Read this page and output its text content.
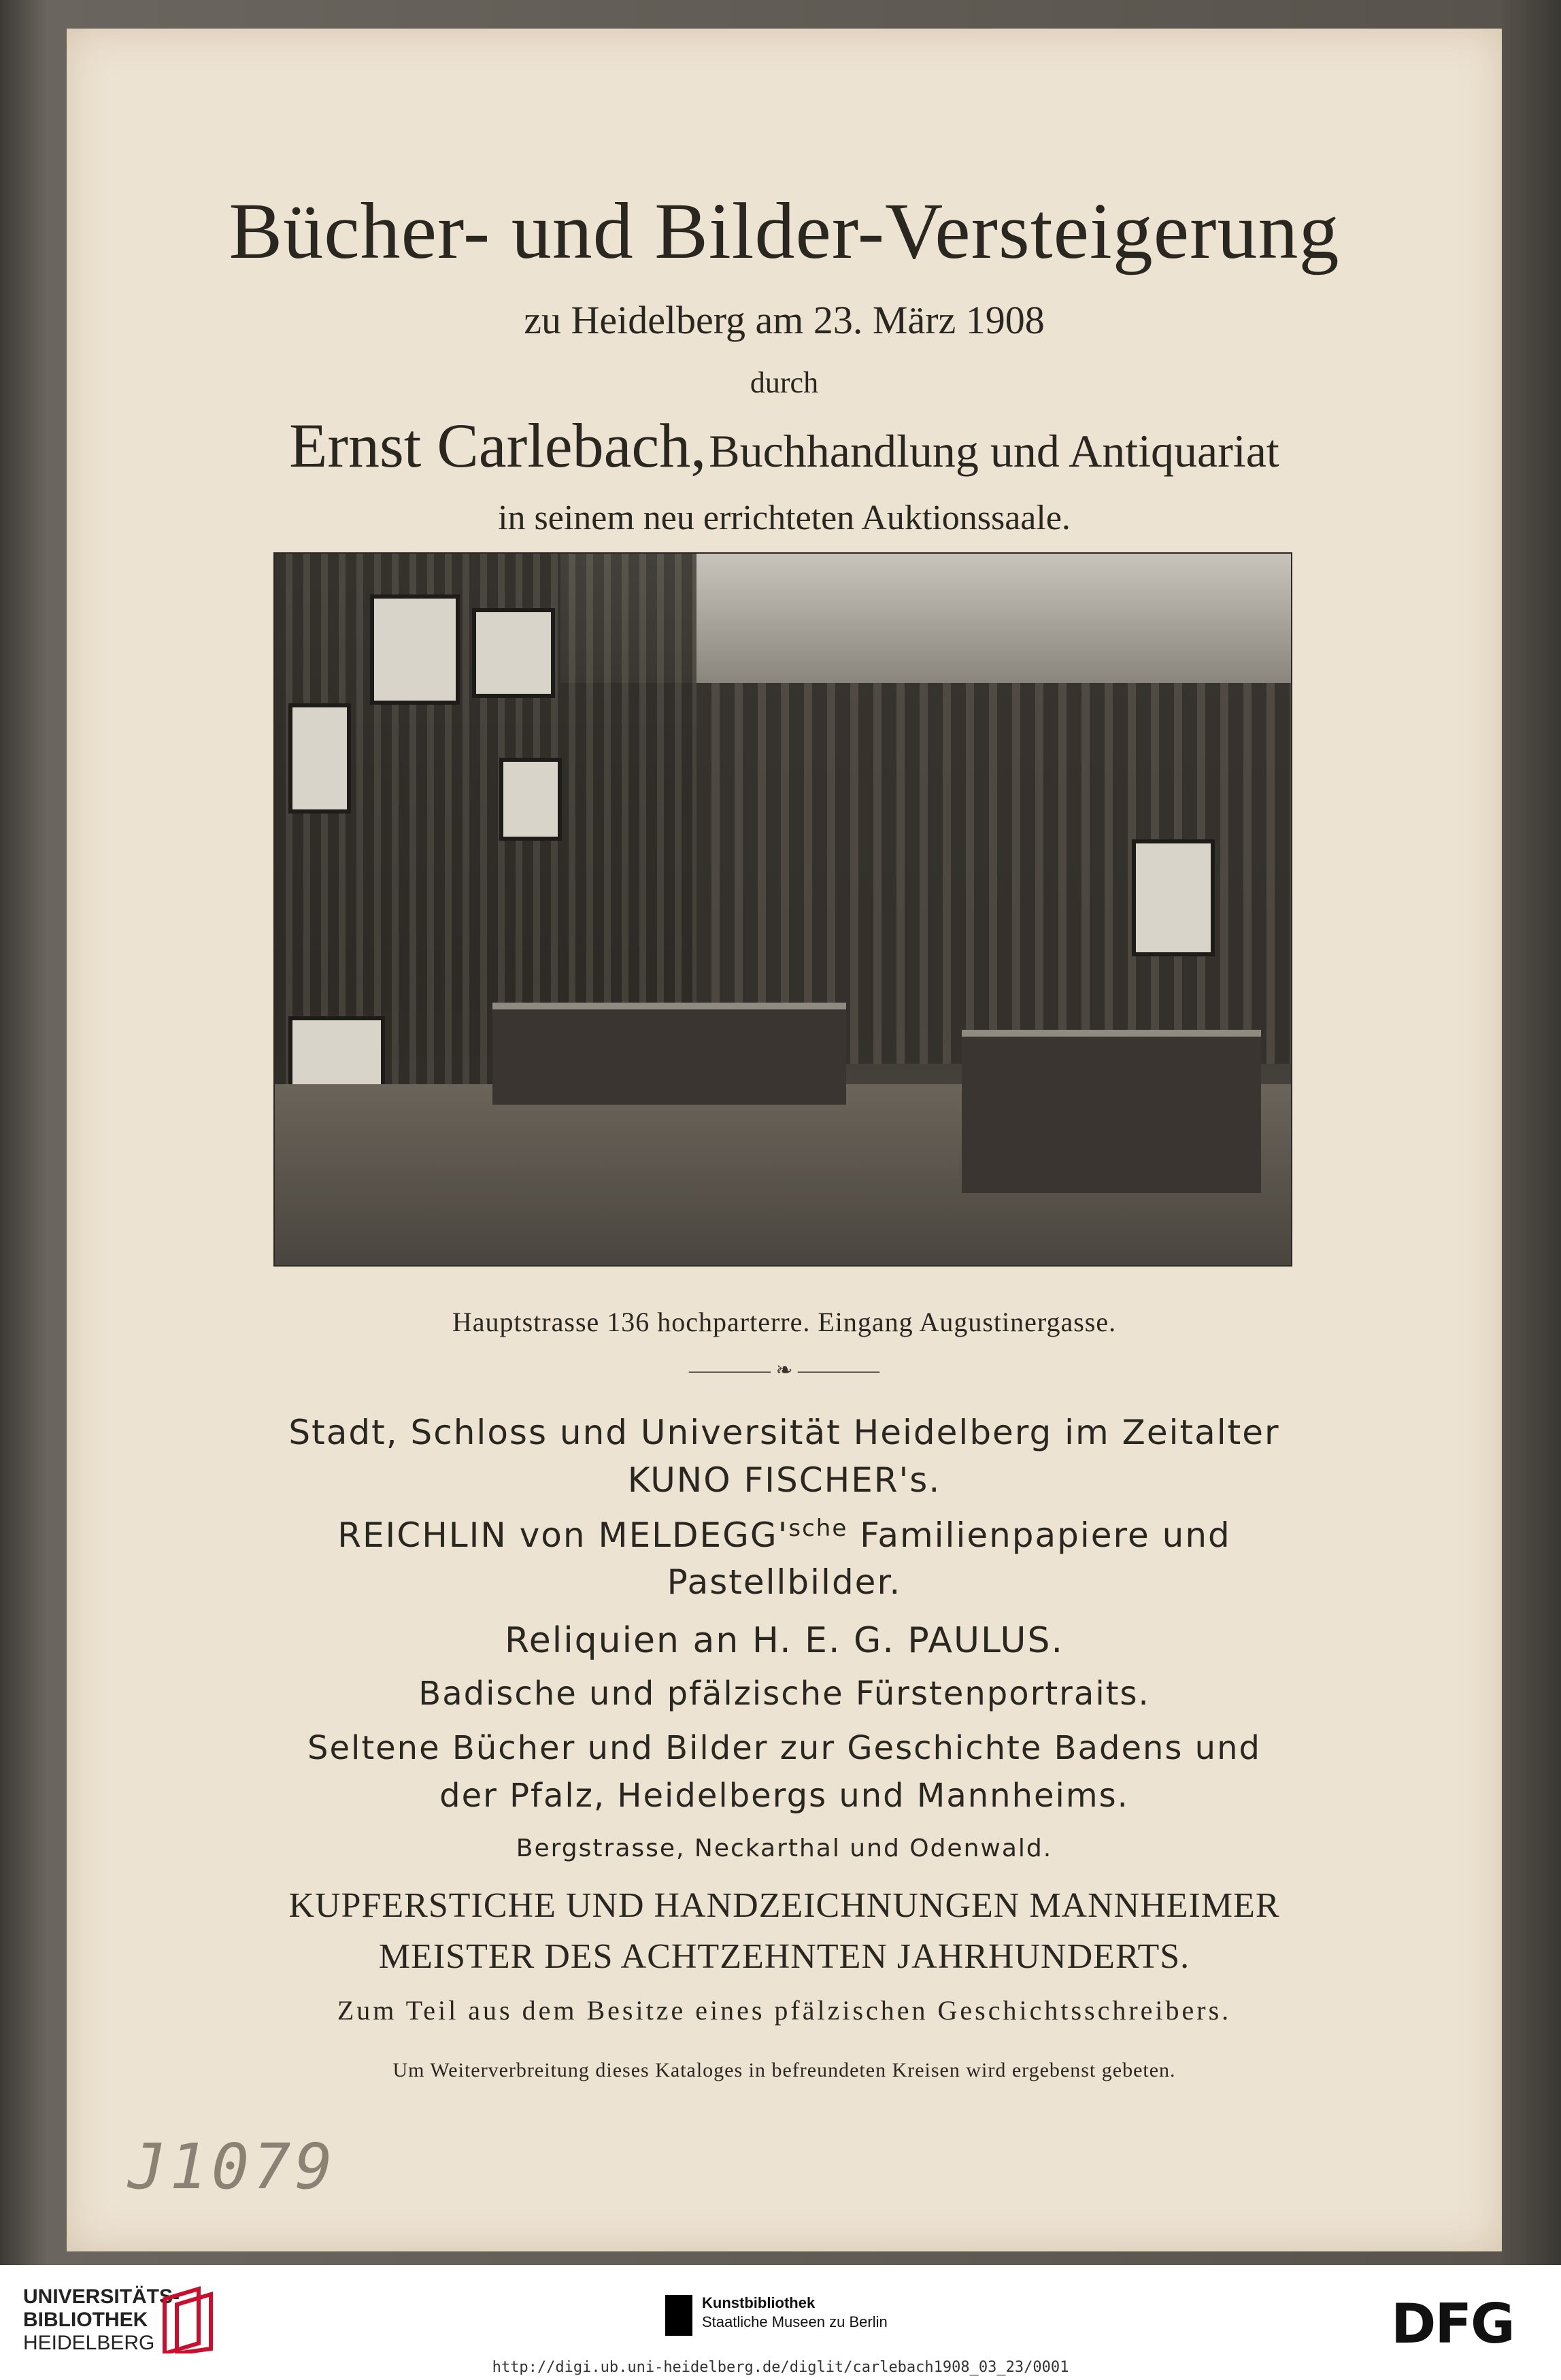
Bücher- und Bilder-Versteigerung
zu Heidelberg am 23. März 1908
durch
Ernst Carlebach, Buchhandlung und Antiquariat
in seinem neu errichteten Auktionssaale.
Hauptstrasse 136 hochparterre. Eingang Augustinergasse.
———— ❧ ————
Stadt, Schloss und Universität Heidelberg im Zeitalter
KUNO FISCHER's.
REICHLIN von $MELDEGG'^{sche}$ Familienpapiere und
Pastellbilder.
Reliquien an H. E. G. PAULUS.
Badische und pfälzische Fürstenportraits.
Seltene Bücher und Bilder zur Geschichte Badens und
der Pfalz, Heidelbergs und Mannheims.
Bergstrasse, Neckarthal und Odenwald.
KUPFERSTICHE UND HANDZEICHNUNGEN MANNHEIMER
MEISTER DES ACHTZEHNTEN JAHRHUNDERTS.
Zum Teil aus dem Besitze eines pfälzischen Geschichtsschreibers.
Um Weiterverbreitung dieses Kataloges in befreundeten Kreisen wird ergebenst gebeten.
J1079
UNIVERSITÄTS-
BIBLIOTHEK
HEIDELBERG
Kunstbibliothek
Staatliche Museen zu Berlin	DFG
http://digi.ub.uni-heidelberg.de/diglit/carlebach1908_03_23/0001
